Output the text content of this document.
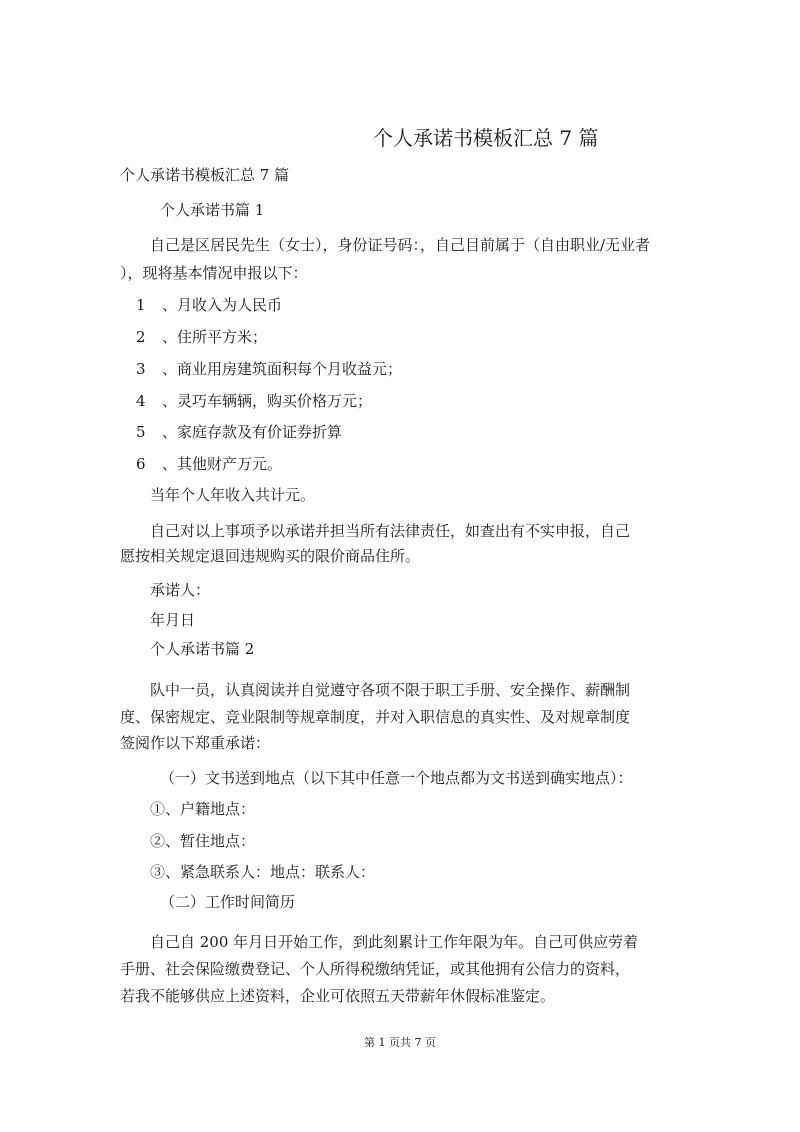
个人承诺书模板汇总 7 篇
个人承诺书模板汇总 7 篇
个人承诺书篇 1
自己是区居民先生（女士），身份证号码：，自己目前属于（自由职业/无业者
），现将基本情况申报以下：
1 、月收入为人民币
2 、住所平方米；
3 、商业用房建筑面积每个月收益元；
4 、灵巧车辆辆，购买价格万元；
5 、家庭存款及有价证券折算
6 、其他财产万元。
当年个人年收入共计元。
自己对以上事项予以承诺并担当所有法律责任，如查出有不实申报，自己
愿按相关规定退回违规购买的限价商品住所。
承诺人：
年月日
个人承诺书篇 2
队中一员，认真阅读并自觉遵守各项不限于职工手册、安全操作、薪酬制
度、保密规定、竞业限制等规章制度，并对入职信息的真实性、及对规章制度
签阅作以下郑重承诺：
（一）文书送到地点（以下其中任意一个地点都为文书送到确实地点）：
①、户籍地点：
②、暂住地点：
③、紧急联系人：地点：联系人：
（二）工作时间简历
自己自 200 年月日开始工作，到此刻累计工作年限为年。自己可供应劳着
手册、社会保险缴费登记、个人所得税缴纳凭证，或其他拥有公信力的资料，
若我不能够供应上述资料，企业可依照五天带薪年休假标准鉴定。
第 1 页共 7 页
